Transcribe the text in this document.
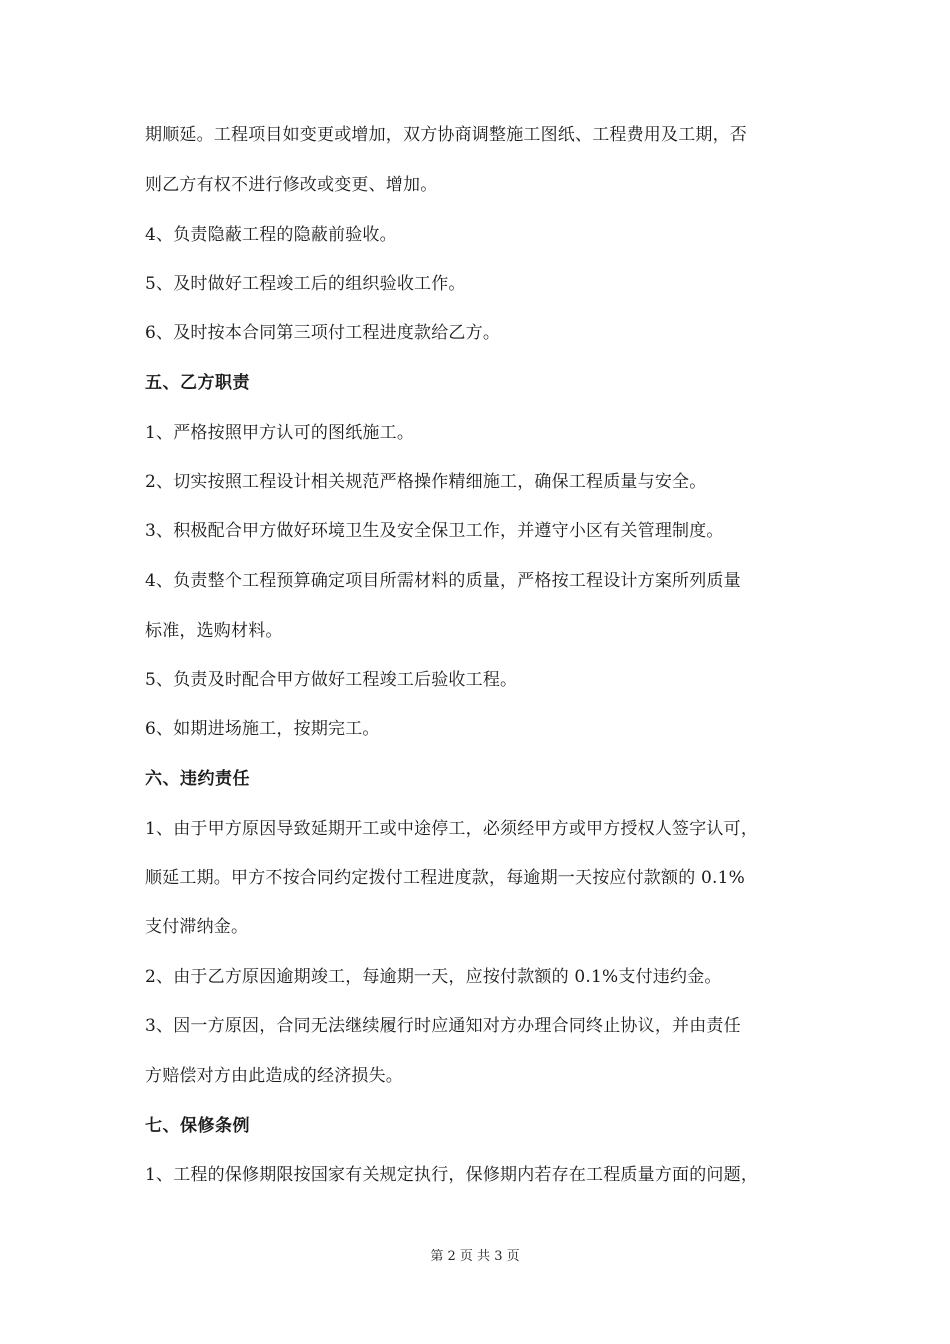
期顺延。工程项目如变更或增加，双方协商调整施工图纸、工程费用及工期，否
则乙方有权不进行修改或变更、增加。
4、负责隐蔽工程的隐蔽前验收。
5、及时做好工程竣工后的组织验收工作。
6、及时按本合同第三项付工程进度款给乙方。
五、乙方职责
1、严格按照甲方认可的图纸施工。
2、切实按照工程设计相关规范严格操作精细施工，确保工程质量与安全。
3、积极配合甲方做好环境卫生及安全保卫工作，并遵守小区有关管理制度。
4、负责整个工程预算确定项目所需材料的质量，严格按工程设计方案所列质量
标准，选购材料。
5、负责及时配合甲方做好工程竣工后验收工程。
6、如期进场施工，按期完工。
六、违约责任
1、由于甲方原因导致延期开工或中途停工，必须经甲方或甲方授权人签字认可，
顺延工期。甲方不按合同约定拨付工程进度款，每逾期一天按应付款额的 0.1%
支付滞纳金。
2、由于乙方原因逾期竣工，每逾期一天，应按付款额的 0.1%支付违约金。
3、因一方原因，合同无法继续履行时应通知对方办理合同终止协议，并由责任
方赔偿对方由此造成的经济损失。
七、保修条例
1、工程的保修期限按国家有关规定执行，保修期内若存在工程质量方面的问题，
第 2 页 共 3 页
